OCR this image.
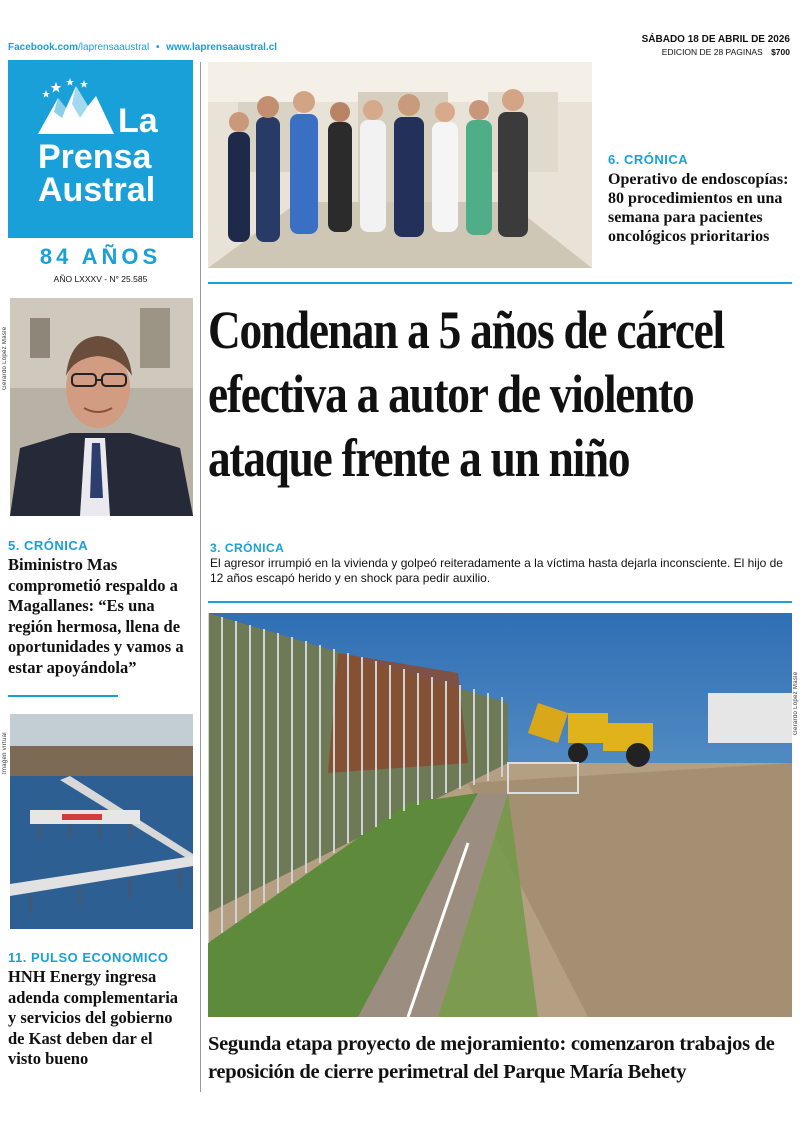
Facebook.com/laprensaaustral • www.laprensaaustral.cl
SÁBADO 18 DE ABRIL DE 2026
EDICION DE 28 PAGINAS $700
La
Prensa
Austral
84 AÑOS
AÑO LXXXV - N° 25.585
6. CRÓNICA
Operativo de endoscopías: 80 procedimientos en una semana para pacientes oncológicos prioritarios
Condenan a 5 años de cárcel efectiva a autor de violento ataque frente a un niño
3. CRÓNICA
El agresor irrumpió en la vivienda y golpeó reiteradamente a la víctima hasta dejarla inconsciente. El hijo de 12 años escapó herido y en shock para pedir auxilio.
Gerardo López Masle
Segunda etapa proyecto de mejoramiento: comenzaron trabajos de reposición de cierre perimetral del Parque María Behety
Gerardo López Masle
5. CRÓNICA
Biministro Mas comprometió respaldo a Magallanes: “Es una región hermosa, llena de oportunidades y vamos a estar apoyándola”
Imagen virtual
11. PULSO ECONOMICO
HNH Energy ingresa adenda complementaria y servicios del gobierno de Kast deben dar el visto bueno
